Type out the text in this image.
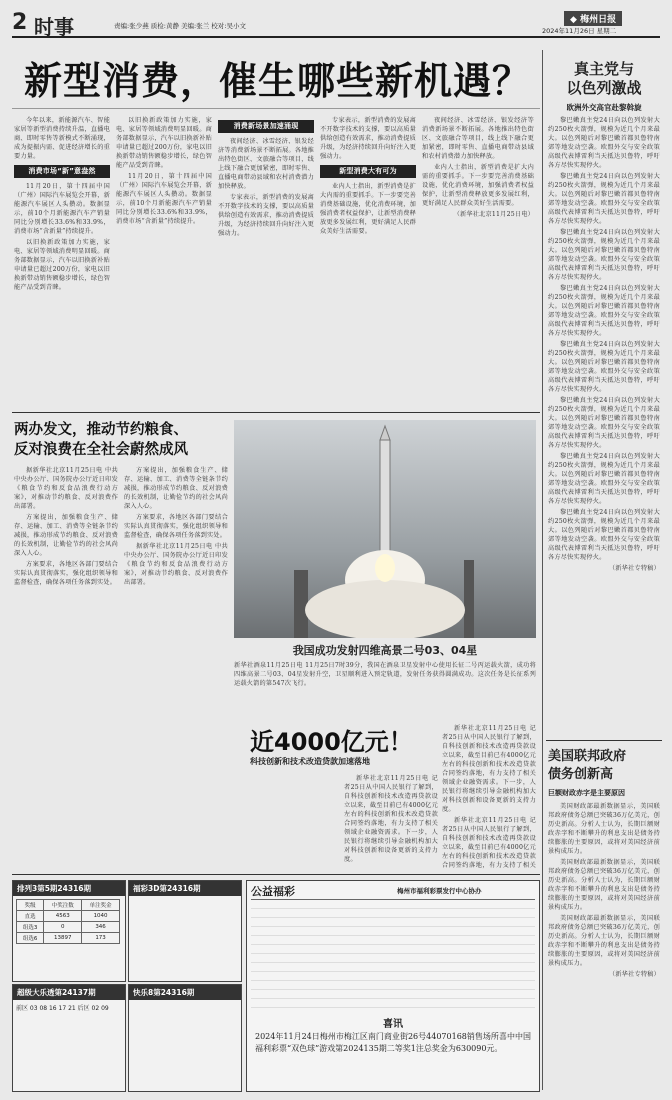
2 时事	责编:张少燕 质检:黄静 美编:张兰 校对:吴小文
◆ 梅州日报
2024年11月26日 星期二
新型消费，催生哪些新机遇？

今年以来，新能源汽车、智能家居等新型消费持续升温，直播电商、即时零售等新模式不断涌现，成为提振内需、促进经济增长的重要力量。

消费市场“新”意盎然

11月20日，第十四届中国（广州）国际汽车展览会开幕，新能源汽车展区人头攒动。数据显示，前10个月新能源汽车产销量同比分别增长33.6%和33.9%，消费市场“含新量”持续提升。

以旧换新政策加力实施，家电、家居等领域消费明显回暖。商务部数据显示，汽车以旧换新补贴申请量已超过200万份，家电以旧换新带动销售额稳步增长，绿色智能产品受到青睐。

以旧换新政策加力实施，家电、家居等领域消费明显回暖。商务部数据显示，汽车以旧换新补贴申请量已超过200万份，家电以旧换新带动销售额稳步增长，绿色智能产品受到青睐。

11月20日，第十四届中国（广州）国际汽车展览会开幕，新能源汽车展区人头攒动。数据显示，前10个月新能源汽车产销量同比分别增长33.6%和33.9%，消费市场“含新量”持续提升。

消费新场景加速涌现

夜间经济、冰雪经济、银发经济等消费新场景不断拓展。各地推出特色街区、文旅融合等项目，线上线下融合更加紧密，即时零售、直播电商带动县域和农村消费潜力加快释放。

专家表示，新型消费的发展离不开数字技术的支撑，要以高质量供给创造有效需求，推动消费提质升级，为经济持续回升向好注入更强动力。

专家表示，新型消费的发展离不开数字技术的支撑，要以高质量供给创造有效需求，推动消费提质升级，为经济持续回升向好注入更强动力。

新型消费大有可为

业内人士指出，新型消费是扩大内需的重要抓手。下一步要完善消费基础设施，优化消费环境，加强消费者权益保护，让新型消费释放更多发展红利，更好满足人民群众美好生活需要。

夜间经济、冰雪经济、银发经济等消费新场景不断拓展。各地推出特色街区、文旅融合等项目，线上线下融合更加紧密，即时零售、直播电商带动县域和农村消费潜力加快释放。

业内人士指出，新型消费是扩大内需的重要抓手。下一步要完善消费基础设施，优化消费环境，加强消费者权益保护，让新型消费释放更多发展红利，更好满足人民群众美好生活需要。

（新华社北京11月25日电）

两办发文，推动节约粮食、
反对浪费在全社会蔚然成风

据新华社北京11月25日电 中共中央办公厅、国务院办公厅近日印发《粮食节约和反食品浪费行动方案》，对推动节约粮食、反对浪费作出部署。

方案提出，加强粮食生产、储存、运输、加工、消费等全链条节约减损，推动形成节约粮食、反对浪费的长效机制，让勤俭节约的社会风尚深入人心。

方案要求，各地区各部门要结合实际认真贯彻落实，强化组织领导和监督检查，确保各项任务落到实处。

方案提出，加强粮食生产、储存、运输、加工、消费等全链条节约减损，推动形成节约粮食、反对浪费的长效机制，让勤俭节约的社会风尚深入人心。

方案要求，各地区各部门要结合实际认真贯彻落实，强化组织领导和监督检查，确保各项任务落到实处。

据新华社北京11月25日电 中共中央办公厅、国务院办公厅近日印发《粮食节约和反食品浪费行动方案》，对推动节约粮食、反对浪费作出部署。

我国成功发射四维高景二号03、04星
新华社酒泉11月25日电 11月25日7时39分，我国在酒泉卫星发射中心使用长征二号丙运载火箭，成功将四维高景二号03、04星发射升空，卫星顺利进入预定轨道，发射任务获得圆满成功。这次任务是长征系列运载火箭的第547次飞行。
近4000亿元！
科技创新和技术改造贷款加速落地

新华社北京11月25日电 记者25日从中国人民银行了解到，自科技创新和技术改造再贷款设立以来，截至目前已有4000亿元左右的科技创新和技术改造贷款合同签约落地，有力支持了相关领域企业融资需求。下一步，人民银行将继续引导金融机构加大对科技创新和设备更新的支持力度。

新华社北京11月25日电 记者25日从中国人民银行了解到，自科技创新和技术改造再贷款设立以来，截至目前已有4000亿元左右的科技创新和技术改造贷款合同签约落地，有力支持了相关领域企业融资需求。下一步，人民银行将继续引导金融机构加大对科技创新和设备更新的支持力度。

新华社北京11月25日电 记者25日从中国人民银行了解到，自科技创新和技术改造再贷款设立以来，截至目前已有4000亿元左右的科技创新和技术改造贷款合同签约落地，有力支持了相关

真主党与
以色列激战
欧洲外交高官赴黎斡旋

黎巴嫩真主党24日向以色列发射大约250枚火箭弹，规模为近几个月来最大。以色列随后对黎巴嫩首都贝鲁特南郊等地发动空袭。欧盟外交与安全政策高级代表博雷利当天抵达贝鲁特，呼吁各方尽快实现停火。

黎巴嫩真主党24日向以色列发射大约250枚火箭弹，规模为近几个月来最大。以色列随后对黎巴嫩首都贝鲁特南郊等地发动空袭。欧盟外交与安全政策高级代表博雷利当天抵达贝鲁特，呼吁各方尽快实现停火。

黎巴嫩真主党24日向以色列发射大约250枚火箭弹，规模为近几个月来最大。以色列随后对黎巴嫩首都贝鲁特南郊等地发动空袭。欧盟外交与安全政策高级代表博雷利当天抵达贝鲁特，呼吁各方尽快实现停火。

黎巴嫩真主党24日向以色列发射大约250枚火箭弹，规模为近几个月来最大。以色列随后对黎巴嫩首都贝鲁特南郊等地发动空袭。欧盟外交与安全政策高级代表博雷利当天抵达贝鲁特，呼吁各方尽快实现停火。

黎巴嫩真主党24日向以色列发射大约250枚火箭弹，规模为近几个月来最大。以色列随后对黎巴嫩首都贝鲁特南郊等地发动空袭。欧盟外交与安全政策高级代表博雷利当天抵达贝鲁特，呼吁各方尽快实现停火。

黎巴嫩真主党24日向以色列发射大约250枚火箭弹，规模为近几个月来最大。以色列随后对黎巴嫩首都贝鲁特南郊等地发动空袭。欧盟外交与安全政策高级代表博雷利当天抵达贝鲁特，呼吁各方尽快实现停火。

黎巴嫩真主党24日向以色列发射大约250枚火箭弹，规模为近几个月来最大。以色列随后对黎巴嫩首都贝鲁特南郊等地发动空袭。欧盟外交与安全政策高级代表博雷利当天抵达贝鲁特，呼吁各方尽快实现停火。

黎巴嫩真主党24日向以色列发射大约250枚火箭弹，规模为近几个月来最大。以色列随后对黎巴嫩首都贝鲁特南郊等地发动空袭。欧盟外交与安全政策高级代表博雷利当天抵达贝鲁特，呼吁各方尽快实现停火。

（新华社专特稿）

美国联邦政府
债务创新高
巨额财政赤字是主要原因

美国财政部最新数据显示，美国联邦政府债务总额已突破36万亿美元，创历史新高。分析人士认为，长期巨额财政赤字和不断攀升的利息支出是债务持续膨胀的主要原因，或将对美国经济前景构成压力。

美国财政部最新数据显示，美国联邦政府债务总额已突破36万亿美元，创历史新高。分析人士认为，长期巨额财政赤字和不断攀升的利息支出是债务持续膨胀的主要原因，或将对美国经济前景构成压力。

美国财政部最新数据显示，美国联邦政府债务总额已突破36万亿美元，创历史新高。分析人士认为，长期巨额财政赤字和不断攀升的利息支出是债务持续膨胀的主要原因，或将对美国经济前景构成压力。

（新华社专特稿）

排列3第5期24316期
奖级	中奖注数	单注奖金
直选	4563	1040
组选3	0	346
组选6	13897	173
福彩3D第24316期
超级大乐透第24137期
前区 03 08 16 17 21 后区 02 09
快乐8第24316期
公益福彩	梅州市福利彩票发行中心协办
喜讯
2024年11月24日梅州市梅江区南门商业街26号44070168销售场所喜中中国福利彩票“双色球”游戏第2024135期二等奖1注总奖金为630090元。
